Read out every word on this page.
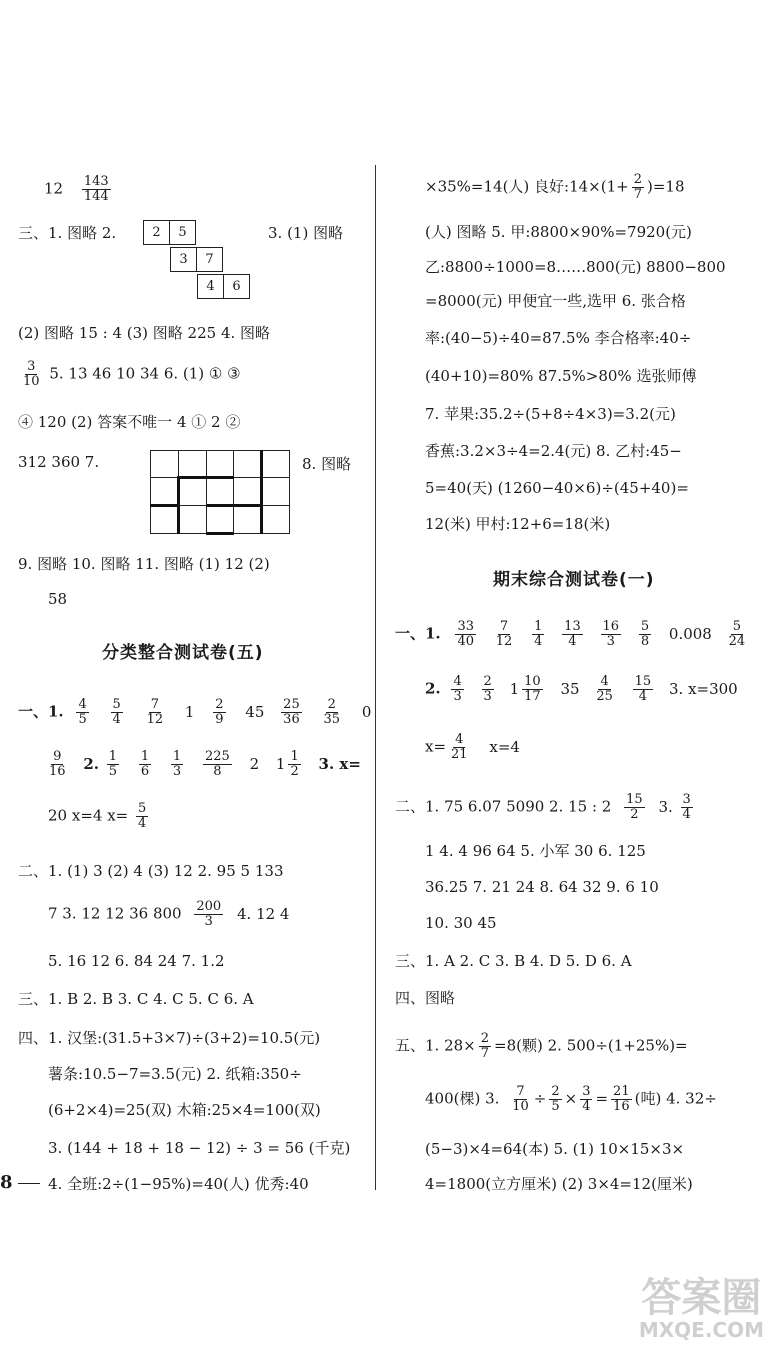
$12 \frac{143}{144}$
三、1. 图略 2.	2	5		
3	7
4	6
3. (1) 图略
(2) 图略 15 : 4 (3) 图略 225 4. 图略
$\frac{3}{10} 5$. 13 46 10 34 6. (1) ① ③
④ 120 (2) 答案不唯一 4 ① 2 ②
312 360 7.

					8. 图略
9. 图略 10. 图略 11. 图略 (1) 12 (2)
58
分类整合测试卷(五)
一、1. $\frac{4}{5}$
$\frac{5}{4}$
$\frac{7}{12} 1 \frac{2}{9} 45 \frac{25}{36}$
$\frac{2}{35} 0$
$\frac{9}{16} 2$. $\frac{1}{5}$
$\frac{1}{6}$
$\frac{1}{3}$
$\frac{225}{8} 2$ $1 \frac{1}{2} 3$. x=
20 x=4 $x= \frac{5}{4}$
二、1. (1) 3 (2) 4 (3) 12 2. 95 5 133
7 3. 12 12 36 $800 \frac{200}{3} 4$. 12 4
5. 16 12 6. 84 24 7. 1.2
三、1. B 2. B 3. C 4. C 5. C 6. A
四、1. 汉堡:(31.5+3×7)÷(3+2)=10.5(元)
薯条:10.5−7=3.5(元) 2. 纸箱:350÷
(6+2×4)=25(双) 木箱:25×4=100(双)
3. (144 + 18 + 18 − 12) ÷ 3 = 56 (千克)
4. 全班:2÷(1−95%)=40(人) 优秀:40
×35%=14(人) 良好:14×(1+ $\frac{2}{7} )=18$
(人) 图略 5. 甲:8800×90%=7920(元)
乙:8800÷1000=8……800(元) 8800−800
=8000(元) 甲便宜一些,选甲 6. 张合格
率:(40−5)÷40=87.5% 李合格率:40÷
(40+10)=80% 87.5%>80% 选张师傅
7. 苹果:35.2÷(5+8÷4×3)=3.2(元)
香蕉:3.2×3÷4=2.4(元) 8. 乙村:45−
5=40(天) (1260−40×6)÷(45+40)=
12(米) 甲村:12+6=18(米)
期末综合测试卷(一)
一、1. $\frac{33}{40}$
$\frac{7}{12}$
$\frac{1}{4}$
$\frac{13}{4}$
$\frac{16}{3}$
$\frac{5}{8} 0.008 \frac{5}{24}$
2. $\frac{4}{3}$
$\frac{2}{3} 1 \frac{10}{17} 35 \frac{4}{25}$
$\frac{15}{4} 3$. x=300
$x= \frac{4}{21} x=4$
二、1. 75 6.07 5090 2. 15 : $2 \frac{15}{2} 3$. $\frac{3}{4}$
1 4. 4 96 64 5. 小军 30 6. 125
36.25 7. 21 24 8. 64 32 9. 6 10
10. 30 45
三、1. A 2. C 3. B 4. D 5. D 6. A
四、图略
五、1. $28\times \frac{2}{7} =8$(颗) 2. 500÷(1+25%)=
400(棵) 3. $\frac{7}{10} \div \frac{2}{5} \times \frac{3}{4} = \frac{21}{16}$ (吨) 4. 32÷
(5−3)×4=64(本) 5. (1) 10×15×3×
4=1800(立方厘米) (2) 3×4=12(厘米)
8
答案圈
MXQE.COM
